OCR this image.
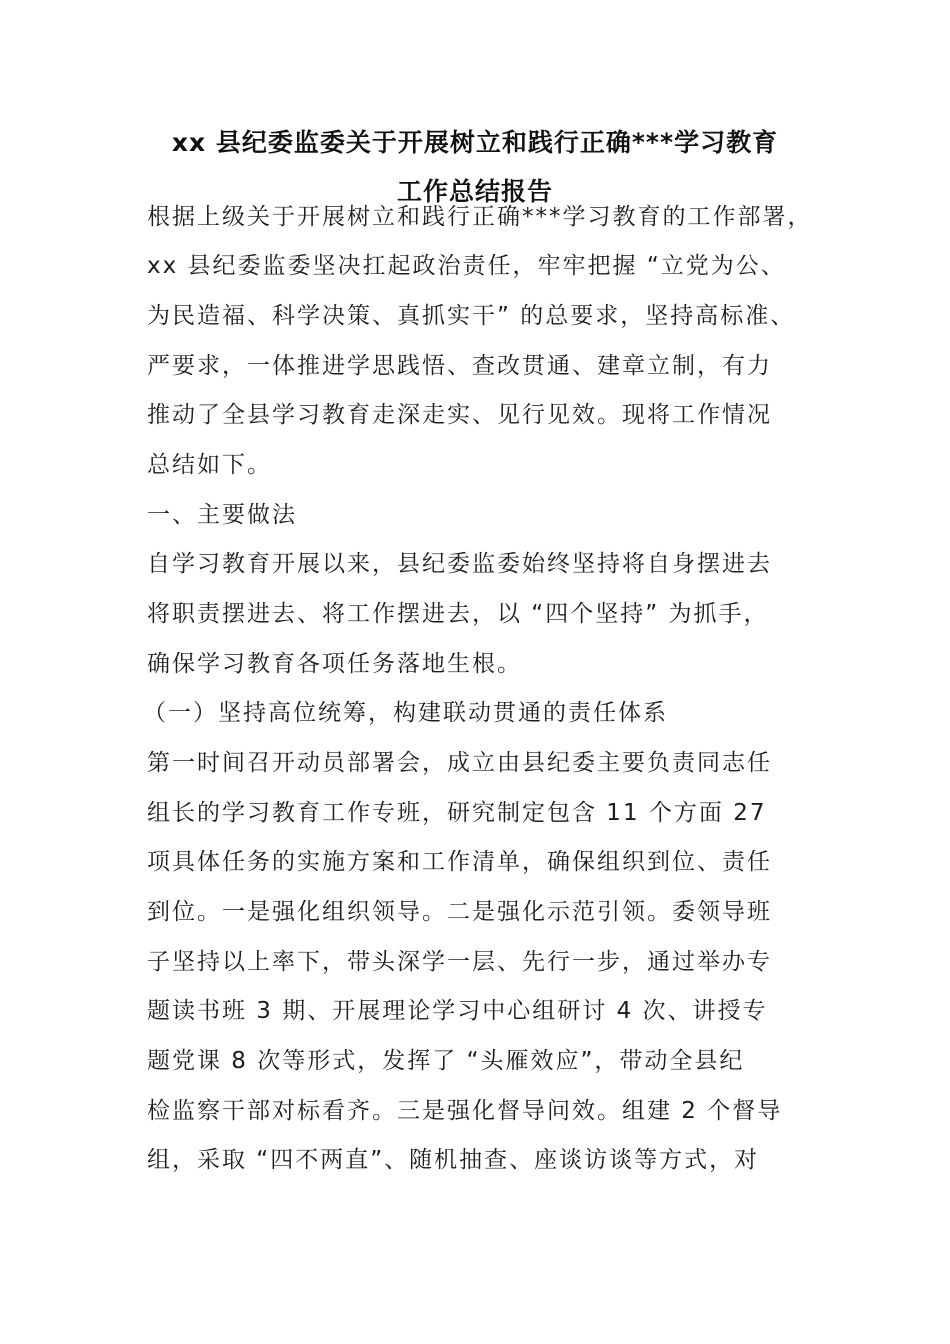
xx 县纪委监委关于开展树立和践行正确***学习教育
工作总结报告
根据上级关于开展树立和践行正确***学习教育的工作部署，
xx 县纪委监委坚决扛起政治责任，牢牢把握 “立党为公、
为民造福、科学决策、真抓实干” 的总要求，坚持高标准、
严要求，一体推进学思践悟、查改贯通、建章立制，有力
推动了全县学习教育走深走实、见行见效。现将工作情况
总结如下。
一、主要做法
自学习教育开展以来，县纪委监委始终坚持将自身摆进去
将职责摆进去、将工作摆进去，以 “四个坚持” 为抓手，
确保学习教育各项任务落地生根。
（一）坚持高位统筹，构建联动贯通的责任体系
第一时间召开动员部署会，成立由县纪委主要负责同志任
组长的学习教育工作专班，研究制定包含 11 个方面 27
项具体任务的实施方案和工作清单，确保组织到位、责任
到位。一是强化组织领导。二是强化示范引领。委领导班
子坚持以上率下，带头深学一层、先行一步，通过举办专
题读书班 3 期、开展理论学习中心组研讨 4 次、讲授专
题党课 8 次等形式，发挥了 “头雁效应”，带动全县纪
检监察干部对标看齐。三是强化督导问效。组建 2 个督导
组，采取 “四不两直”、随机抽查、座谈访谈等方式，对
